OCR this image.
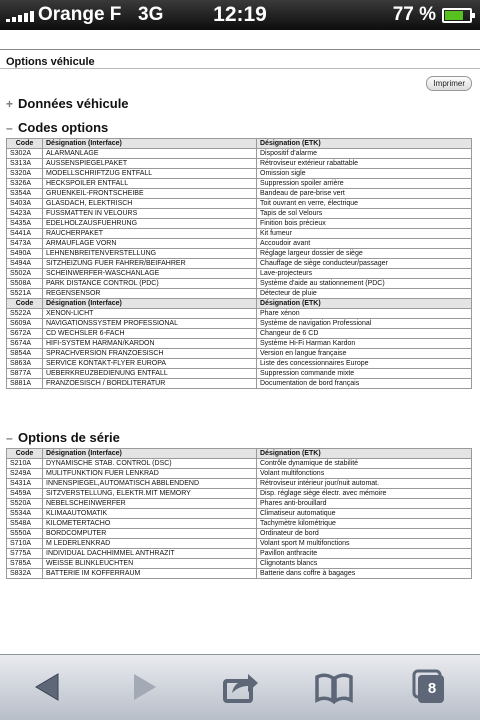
Orange F 3G	12:19	77 %
Options véhicule
Imprimer
+ Données véhicule
– Codes options
Code	Désignation (Interface)	Désignation (ETK)
S302A	ALARMANLAGE	Dispositif d'alarme
S313A	AUSSENSPIEGELPAKET	Rétroviseur extérieur rabattable
S320A	MODELLSCHRIFTZUG ENTFALL	Omission sigle
S326A	HECKSPOILER ENTFALL	Suppression spoiler arrière
S354A	GRUENKEIL-FRONTSCHEIBE	Bandeau de pare-brise vert
S403A	GLASDACH, ELEKTRISCH	Toit ouvrant en verre, électrique
S423A	FUSSMATTEN IN VELOURS	Tapis de sol Velours
S435A	EDELHOLZAUSFUEHRUNG	Finition bois précieux
S441A	RAUCHERPAKET	Kit fumeur
S473A	ARMAUFLAGE VORN	Accoudoir avant
S490A	LEHNENBREITENVERSTELLUNG	Réglage largeur dossier de siège
S494A	SITZHEIZUNG FUER FAHRER/BEIFAHRER	Chauffage de siège conducteur/passager
S502A	SCHEINWERFER-WASCHANLAGE	Lave-projecteurs
S508A	PARK DISTANCE CONTROL (PDC)	Système d'aide au stationnement (PDC)
S521A	REGENSENSOR	Détecteur de pluie
Code	Désignation (Interface)	Désignation (ETK)
S522A	XENON-LICHT	Phare xénon
S609A	NAVIGATIONSSYSTEM PROFESSIONAL	Système de navigation Professional
S672A	CD WECHSLER 6-FACH	Changeur de 6 CD
S674A	HIFI-SYSTEM HARMAN/KARDON	Système Hi-Fi Harman Kardon
S854A	SPRACHVERSION FRANZOESISCH	Version en langue française
S863A	SERVICE KONTAKT-FLYER EUROPA	Liste des concessionnaires Europe
S877A	UEBERKREUZBEDIENUNG ENTFALL	Suppression commande mixte
S881A	FRANZOESISCH / BORDLITERATUR	Documentation de bord français
– Options de série
Code	Désignation (Interface)	Désignation (ETK)
S210A	DYNAMISCHE STAB. CONTROL (DSC)	Contrôle dynamique de stabilité
S249A	MULITFUNKTION FUER LENKRAD	Volant multifonctions
S431A	INNENSPIEGEL,AUTOMATISCH ABBLENDEND	Rétroviseur intérieur jour/nuit automat.
S459A	SITZVERSTELLUNG, ELEKTR.MIT MEMORY	Disp. réglage siège électr. avec mémoire
S520A	NEBELSCHEINWERFER	Phares anti-brouillard
S534A	KLIMAAUTOMATIK	Climatiseur automatique
S548A	KILOMETERTACHO	Tachymètre kilométrique
S550A	BORDCOMPUTER	Ordinateur de bord
S710A	M LEDERLENKRAD	Volant sport M multifonctions
S775A	INDIVIDUAL DACHHIMMEL ANTHRAZIT	Pavillon anthracite
S785A	WEISSE BLINKLEUCHTEN	Clignotants blancs
S832A	BATTERIE IM KOFFERRAUM	Batterie dans coffre à bagages
8
